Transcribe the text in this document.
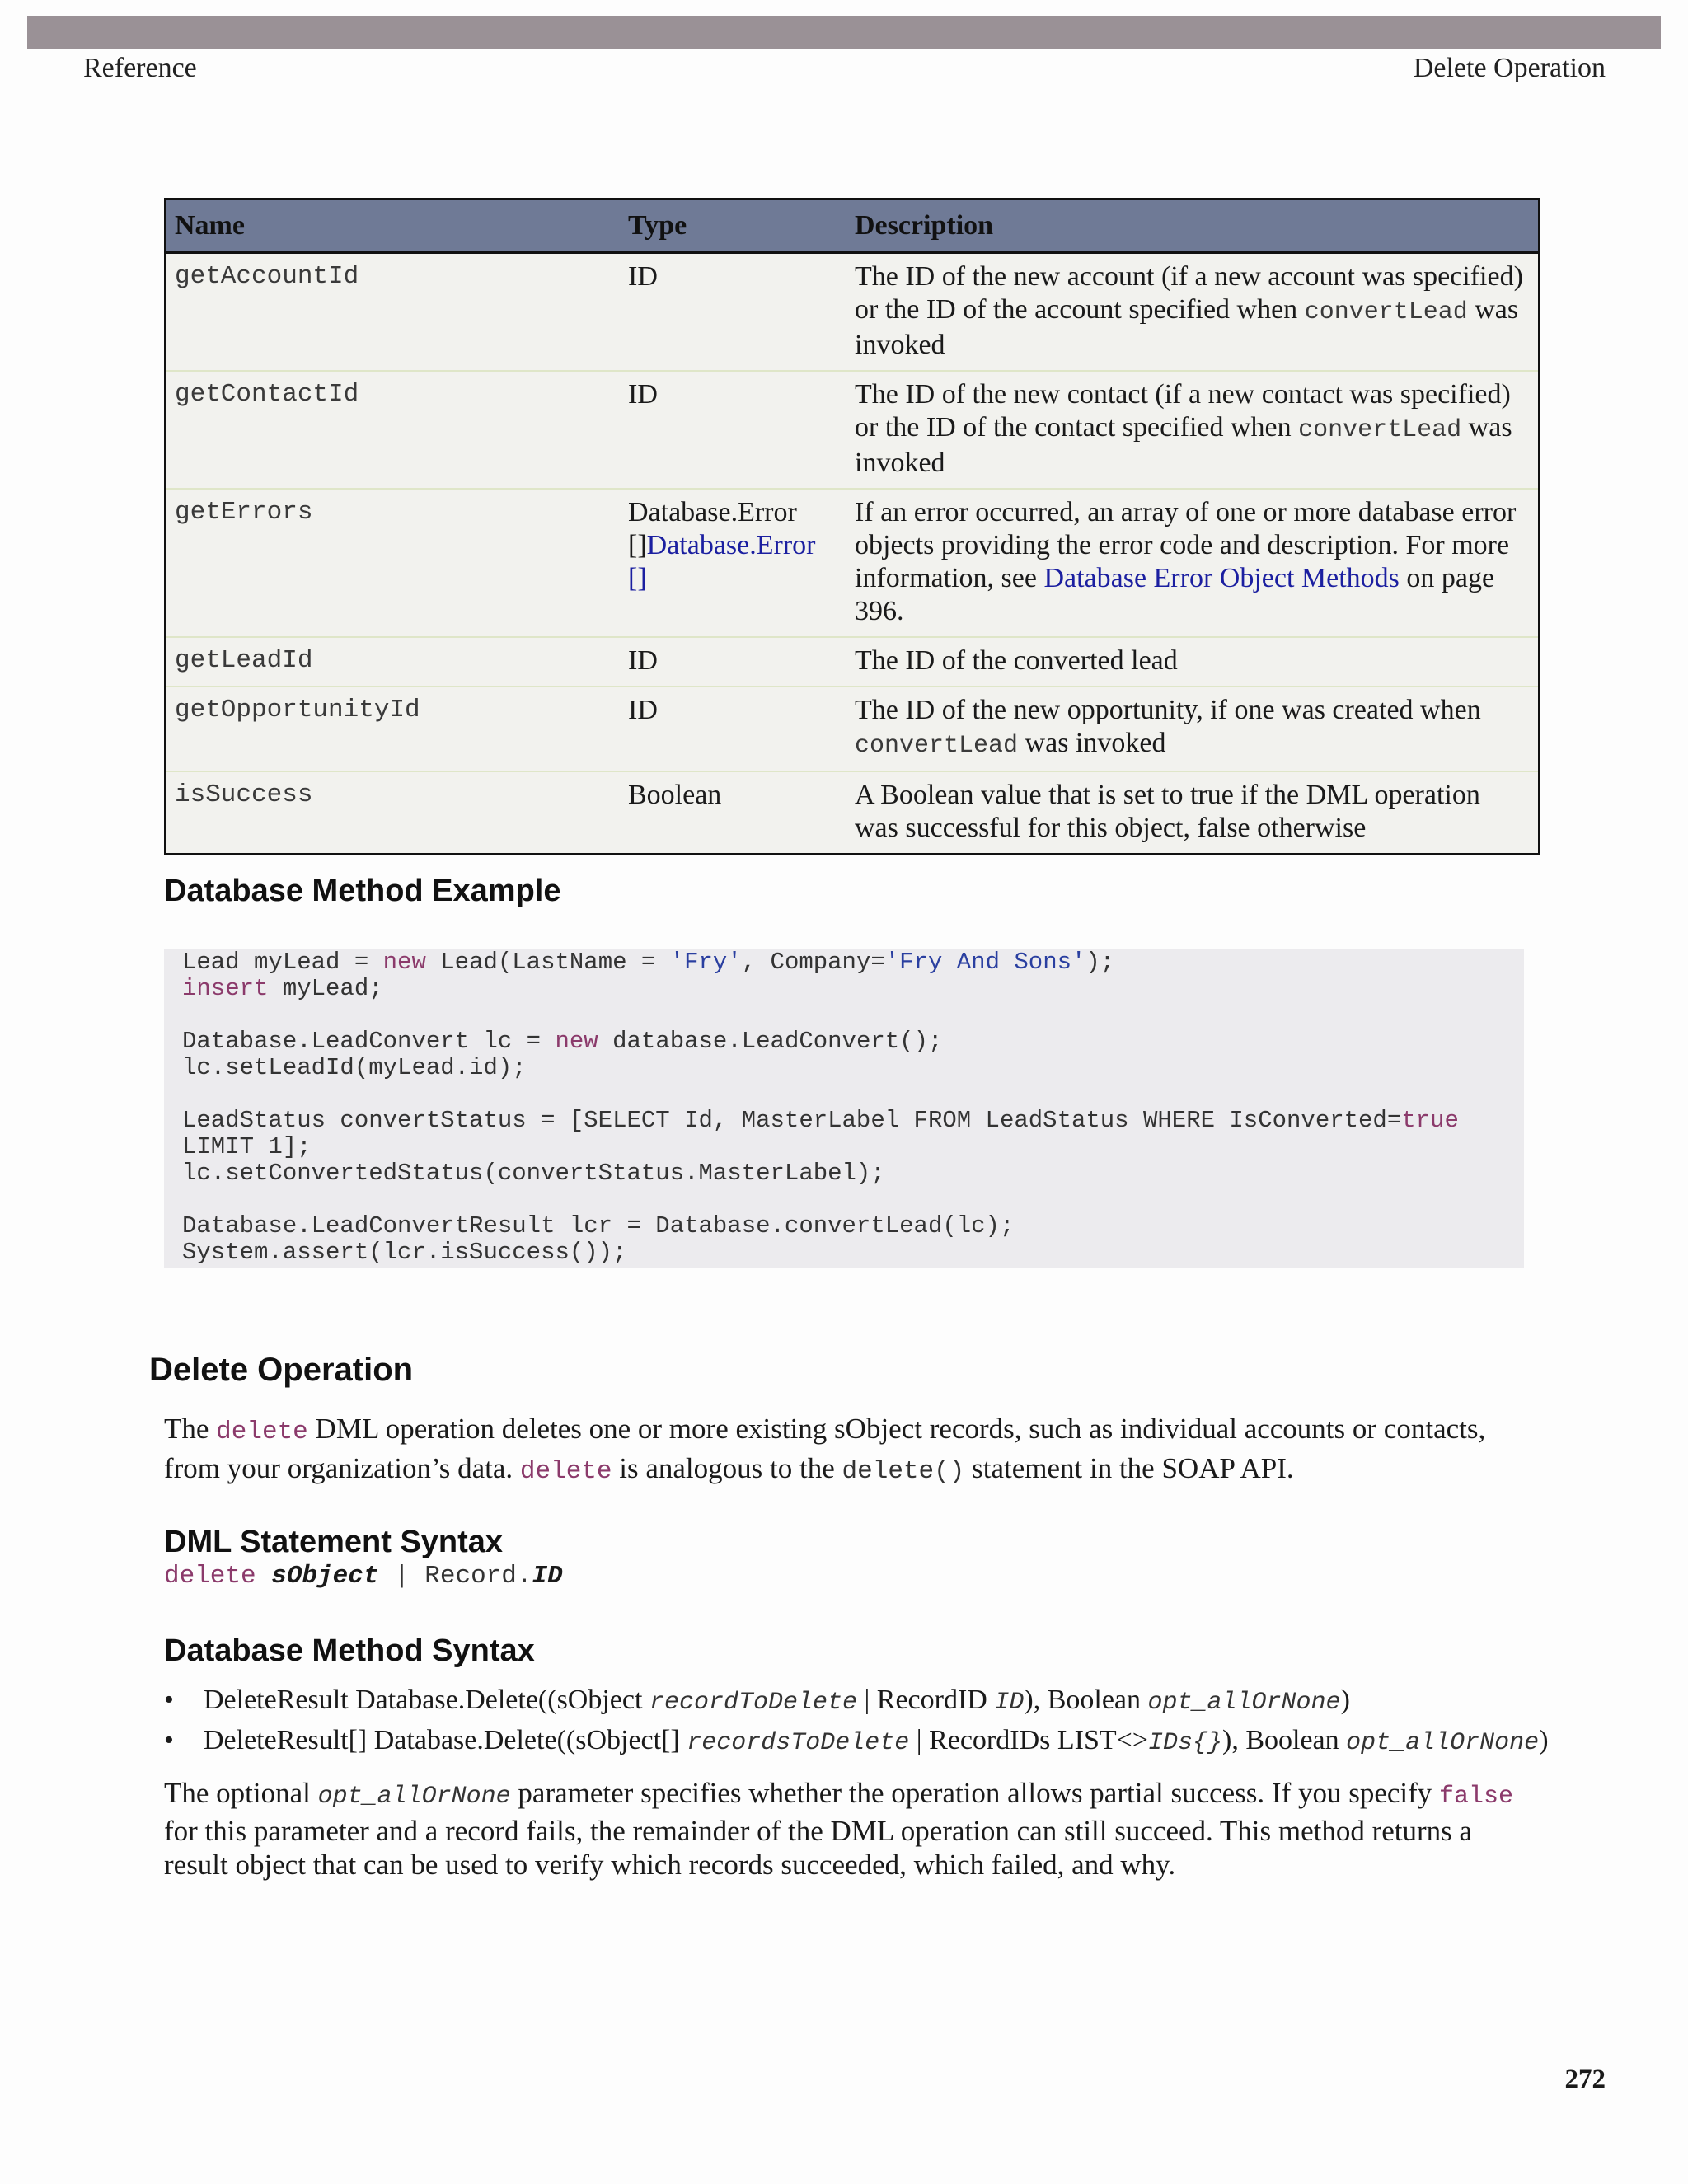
Reference	Delete Operation
Name	Type	Description
getAccountId	ID	The ID of the new account (if a new account was specified) or the ID of the account specified when convertLead was invoked
getContactId	ID	The ID of the new contact (if a new contact was specified) or the ID of the contact specified when convertLead was invoked
getErrors	Database.Error []Database.Error []	If an error occurred, an array of one or more database error objects providing the error code and description. For more information, see Database Error Object Methods on page 396.
getLeadId	ID	The ID of the converted lead
getOpportunityId	ID	The ID of the new opportunity, if one was created when convertLead was invoked
isSuccess	Boolean	A Boolean value that is set to true if the DML operation was successful for this object, false otherwise
Database Method Example
Lead myLead = new Lead(LastName = 'Fry', Company='Fry And Sons');
insert myLead;
Database.LeadConvert lc = new database.LeadConvert();
lc.setLeadId(myLead.id);
LeadStatus convertStatus = [SELECT Id, MasterLabel FROM LeadStatus WHERE IsConverted=true
LIMIT 1];
lc.setConvertedStatus(convertStatus.MasterLabel);
Database.LeadConvertResult lcr = Database.convertLead(lc);
System.assert(lcr.isSuccess());
Delete Operation
The delete DML operation deletes one or more existing sObject records, such as individual accounts or contacts, from your organization’s data. delete is analogous to the delete() statement in the SOAP API.
DML Statement Syntax
delete sObject | Record.ID
Database Method Syntax
• DeleteResult Database.Delete((sObject recordToDelete | RecordID ID), Boolean opt_allOrNone)
• DeleteResult[] Database.Delete((sObject[] recordsToDelete | RecordIDs LIST<>IDs{}), Boolean opt_allOrNone)
The optional opt_allOrNone parameter specifies whether the operation allows partial success. If you specify false for this parameter and a record fails, the remainder of the DML operation can still succeed. This method returns a result object that can be used to verify which records succeeded, which failed, and why.
272
